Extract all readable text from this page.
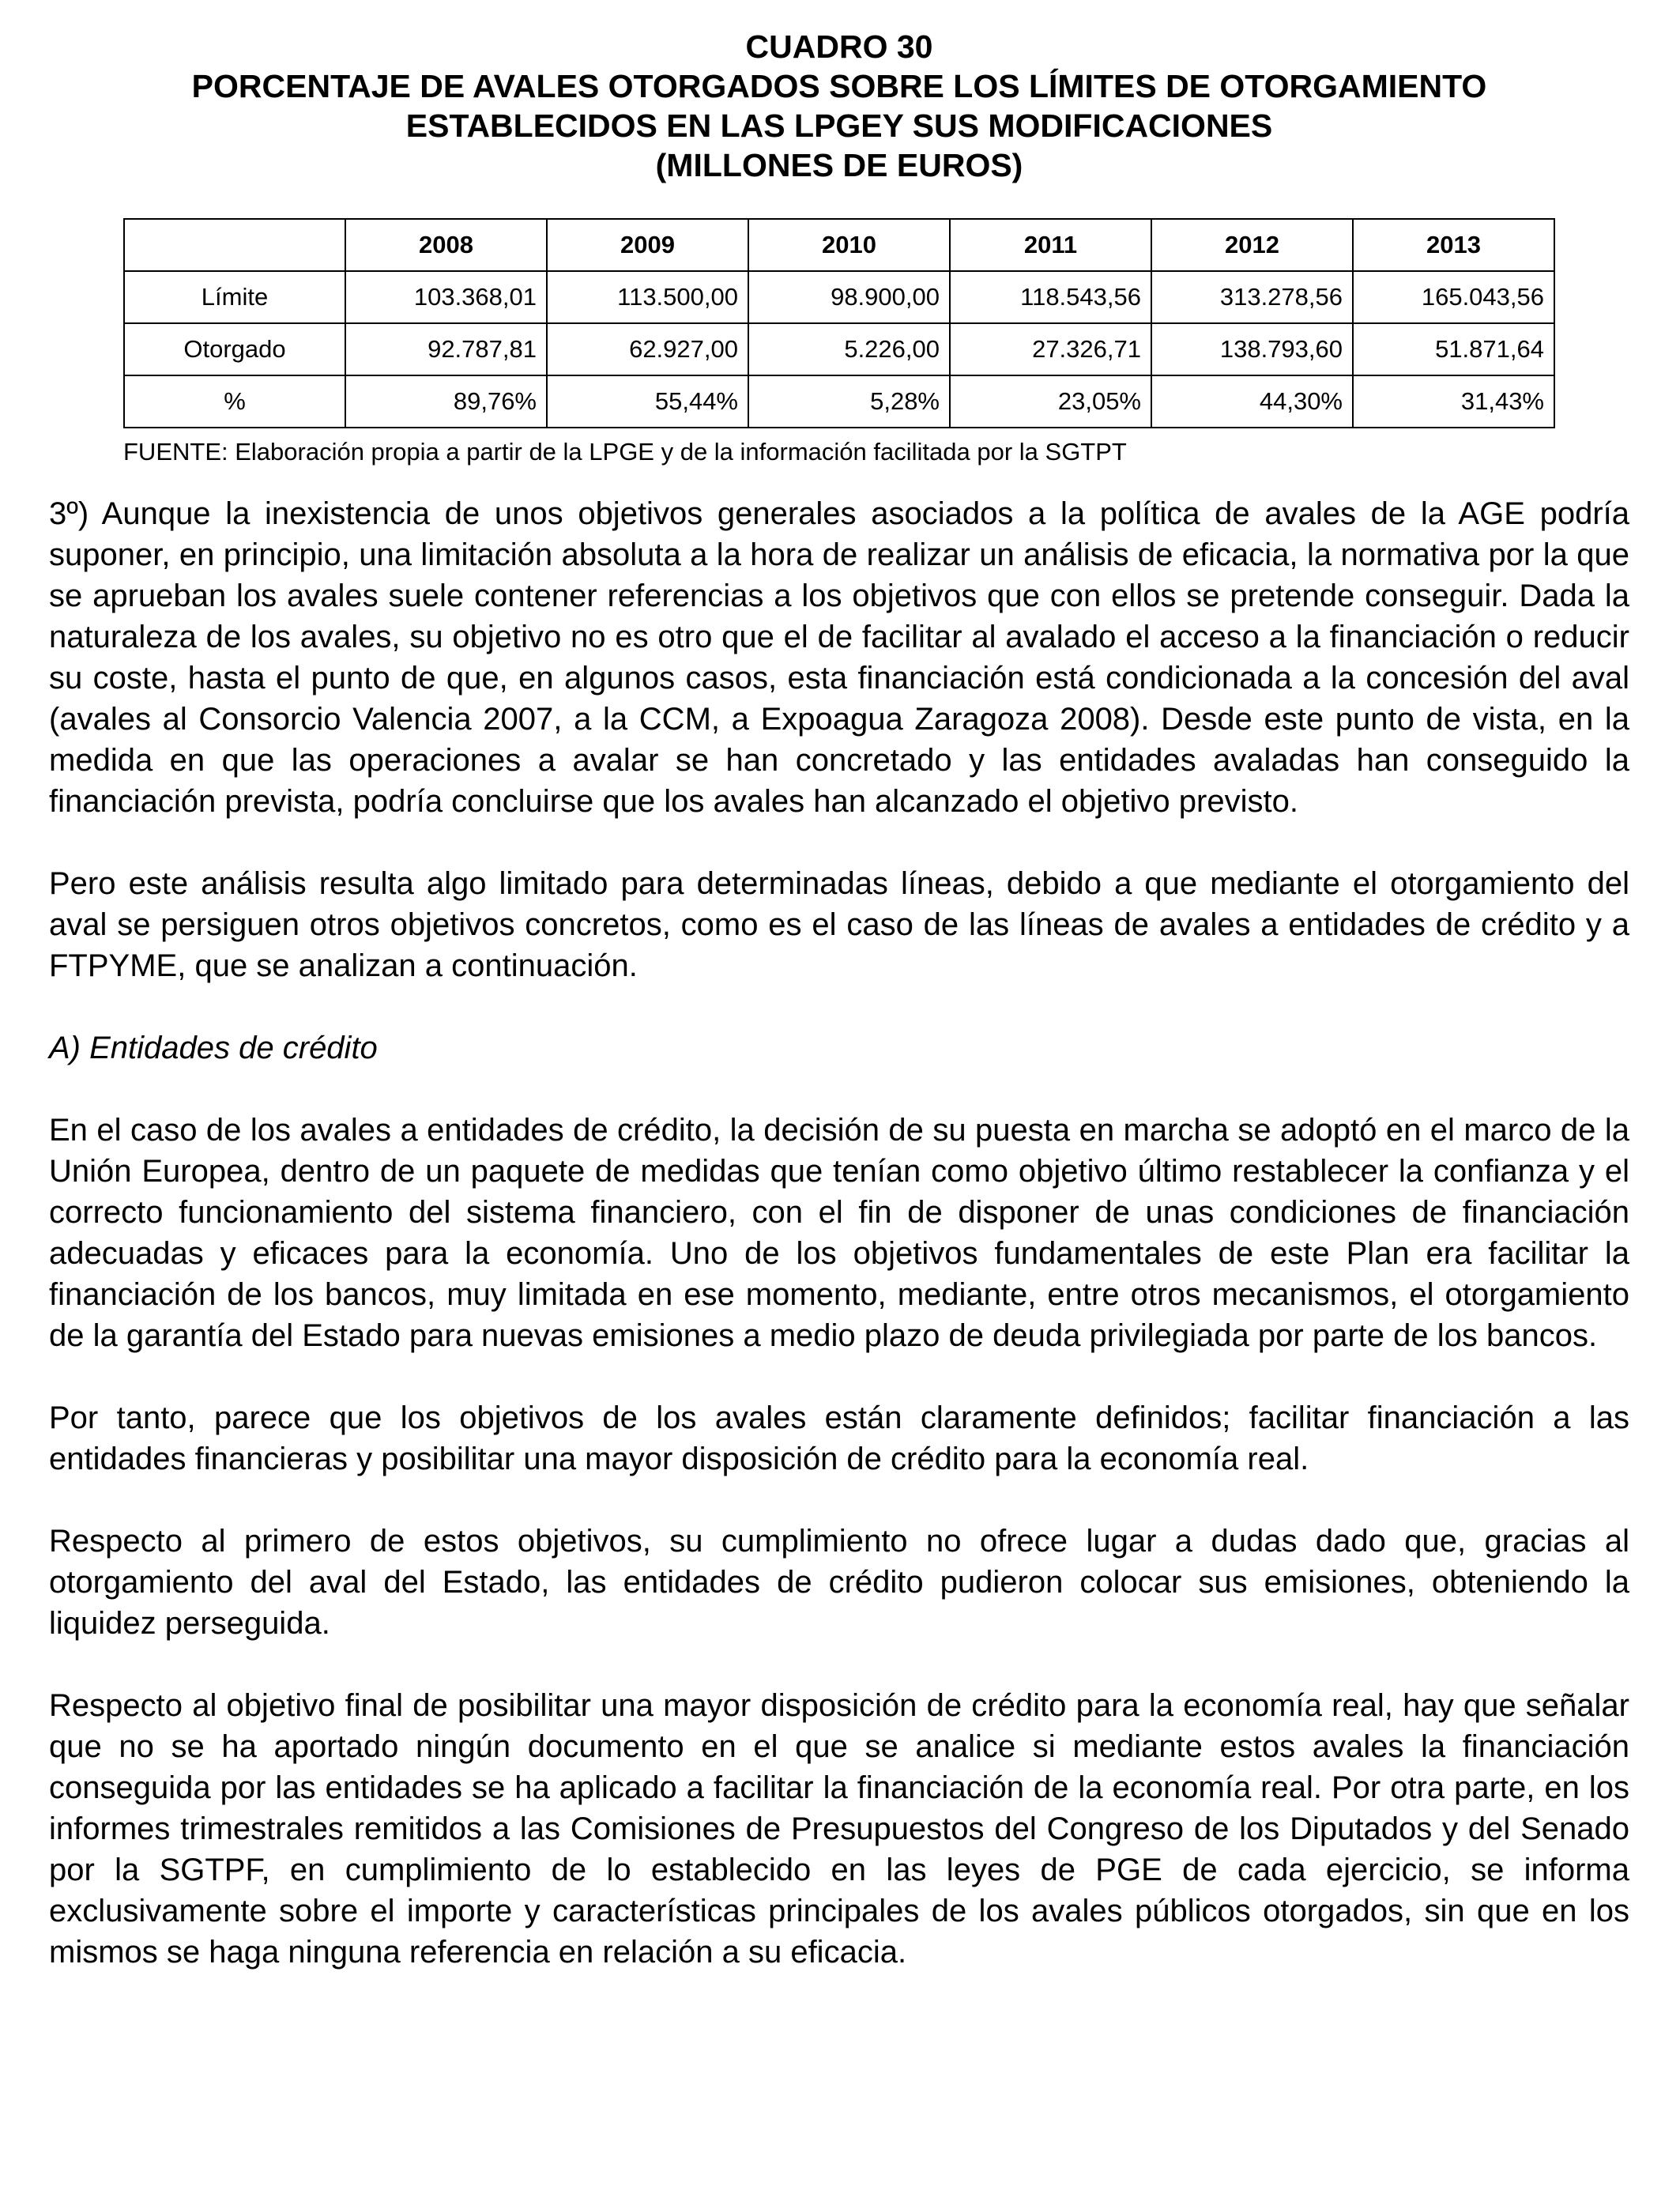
CUADRO 30
PORCENTAJE DE AVALES OTORGADOS SOBRE LOS LÍMITES DE OTORGAMIENTO
ESTABLECIDOS EN LAS LPGEY SUS MODIFICACIONES
(MILLONES DE EUROS)
	2008	2009	2010	2011	2012	2013
Límite	103.368,01	113.500,00	98.900,00	118.543,56	313.278,56	165.043,56
Otorgado	92.787,81	62.927,00	5.226,00	27.326,71	138.793,60	51.871,64
%	89,76%	55,44%	5,28%	23,05%	44,30%	31,43%
FUENTE: Elaboración propia a partir de la LPGE y de la información facilitada por la SGTPT

3º) Aunque la inexistencia de unos objetivos generales asociados a la política de avales de la AGE podría suponer, en principio, una limitación absoluta a la hora de realizar un análisis de eficacia, la normativa por la que se aprueban los avales suele contener referencias a los objetivos que con ellos se pretende conseguir. Dada la naturaleza de los avales, su objetivo no es otro que el de facilitar al avalado el acceso a la financiación o reducir su coste, hasta el punto de que, en algunos casos, esta financiación está condicionada a la concesión del aval (avales al Consorcio Valencia 2007, a la CCM, a Expoagua Zaragoza 2008). Desde este punto de vista, en la medida en que las operaciones a avalar se han concretado y las entidades avaladas han conseguido la financiación prevista, podría concluirse que los avales han alcanzado el objetivo previsto.

Pero este análisis resulta algo limitado para determinadas líneas, debido a que mediante el otorgamiento del aval se persiguen otros objetivos concretos, como es el caso de las líneas de avales a entidades de crédito y a FTPYME, que se analizan a continuación.

A) Entidades de crédito

En el caso de los avales a entidades de crédito, la decisión de su puesta en marcha se adoptó en el marco de la Unión Europea, dentro de un paquete de medidas que tenían como objetivo último restablecer la confianza y el correcto funcionamiento del sistema financiero, con el fin de disponer de unas condiciones de financiación adecuadas y eficaces para la economía. Uno de los objetivos fundamentales de este Plan era facilitar la financiación de los bancos, muy limitada en ese momento, mediante, entre otros mecanismos, el otorgamiento de la garantía del Estado para nuevas emisiones a medio plazo de deuda privilegiada por parte de los bancos.

Por tanto, parece que los objetivos de los avales están claramente definidos; facilitar financiación a las entidades financieras y posibilitar una mayor disposición de crédito para la economía real.

Respecto al primero de estos objetivos, su cumplimiento no ofrece lugar a dudas dado que, gracias al otorgamiento del aval del Estado, las entidades de crédito pudieron colocar sus emisiones, obteniendo la liquidez perseguida.

Respecto al objetivo final de posibilitar una mayor disposición de crédito para la economía real, hay que señalar que no se ha aportado ningún documento en el que se analice si mediante estos avales la financiación conseguida por las entidades se ha aplicado a facilitar la financiación de la economía real. Por otra parte, en los informes trimestrales remitidos a las Comisiones de Presupuestos del Congreso de los Diputados y del Senado por la SGTPF, en cumplimiento de lo establecido en las leyes de PGE de cada ejercicio, se informa exclusivamente sobre el importe y características principales de los avales públicos otorgados, sin que en los mismos se haga ninguna referencia en relación a su eficacia.
